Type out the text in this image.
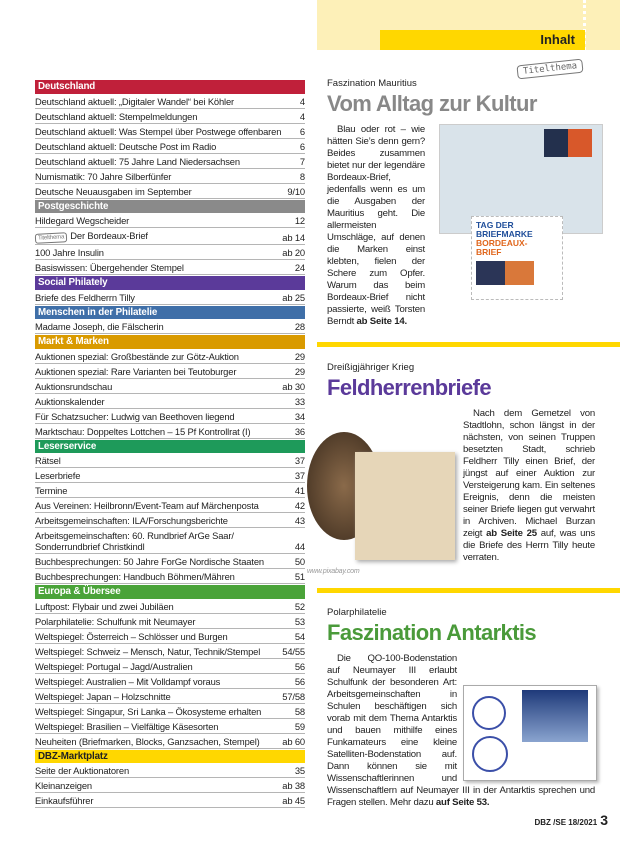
Inhalt
Deutschland
Deutschland aktuell: „Digitaler Wandel“ bei Köhler	4
Deutschland aktuell: Stempelmeldungen	4
Deutschland aktuell: Was Stempel über Postwege offenbaren	6
Deutschland aktuell: Deutsche Post im Radio	6
Deutschland aktuell: 75 Jahre Land Niedersachsen	7
Numismatik: 70 Jahre Silberfünfer	8
Deutsche Neuausgaben im September	9/10
Postgeschichte
Hildegard Wegscheider	12
Titelthema Der Bordeaux-Brief	ab 14
100 Jahre Insulin	ab 20
Basiswissen: Übergehender Stempel	24
Social Philately
Briefe des Feldherrn Tilly	ab 25
Menschen in der Philatelie
Madame Joseph, die Fälscherin	28
Markt & Marken
Auktionen spezial: Großbestände zur Götz-Auktion	29
Auktionen spezial: Rare Varianten bei Teutoburger	29
Auktionsrundschau	ab 30
Auktionskalender	33
Für Schatzsucher: Ludwig van Beethoven liegend	34
Marktschau: Doppeltes Lottchen – 15 Pf Kontrollrat (I)	36
Leserservice
Rätsel	37
Leserbriefe	37
Termine	41
Aus Vereinen: Heilbronn/Event-Team auf Märchenposta	42
Arbeitsgemeinschaften: ILA/Forschungsberichte	43
Arbeitsgemeinschaften: 60. Rundbrief ArGe Saar/ Sonderrundbrief Christkindl	44
Buchbesprechungen: 50 Jahre ForGe Nordische Staaten	50
Buchbesprechungen: Handbuch Böhmen/Mähren	51
Europa & Übersee
Luftpost: Flybair und zwei Jubiläen	52
Polarphilatelie: Schulfunk mit Neumayer	53
Weltspiegel: Österreich – Schlösser und Burgen	54
Weltspiegel: Schweiz – Mensch, Natur, Technik/Stempel	54/55
Weltspiegel: Portugal – Jagd/Australien	56
Weltspiegel: Australien – Mit Volldampf voraus	56
Weltspiegel: Japan – Holzschnitte	57/58
Weltspiegel: Singapur, Sri Lanka – Ökosysteme erhalten	58
Weltspiegel: Brasilien – Vielfältige Käsesorten	59
Neuheiten (Briefmarken, Blocks, Ganzsachen, Stempel)	ab 60
DBZ-Marktplatz
Seite der Auktionatoren	35
Kleinanzeigen	ab 38
Einkaufsführer	ab 45
Titelthema
Faszination Mauritius
Vom Alltag zur Kultur
TAG DER
BRIEFMARKE
BORDEAUX-
BRIEF
Blau oder rot – wie hätten Sie’s denn gern? Beides zusammen bietet nur der legendäre Bordeaux-Brief, jedenfalls wenn es um die Ausgaben der Mauritius geht. Die allermeisten Umschläge, auf denen die Marken einst klebten, fielen der Schere zum Opfer. Warum das beim Bordeaux-Brief nicht passierte, weiß Torsten Berndt ab Seite 14.
Dreißigjähriger Krieg
Feldherrenbriefe
www.pixabay.com
Nach dem Gemetzel von Stadtlohn, schon längst in der nächsten, von seinen Truppen besetzten Stadt, schrieb Feldherr Tilly einen Brief, der jüngst auf einer Auktion zur Versteigerung kam. Ein seltenes Ereignis, denn die meisten seiner Briefe liegen gut verwahrt in Archiven. Michael Burzan zeigt ab Seite 25 auf, was uns die Briefe des Herrn Tilly heute verraten.
Polarphilatelie
Faszination Antarktis
Die QO-100-Bodenstation auf Neumayer III erlaubt Schulfunk der besonderen Art: Arbeitsgemeinschaften in Schulen beschäftigen sich vorab mit dem Thema Antarktis und bauen mithilfe eines Funkamateurs eine kleine Satelliten-Bodenstation auf. Dann können sie mit Wissenschaftlerinnen und Wissenschaftlern auf Neumayer III in der Antarktis sprechen und Fragen stellen. Mehr dazu auf Seite 53.
DBZ /SE 18/2021 3
